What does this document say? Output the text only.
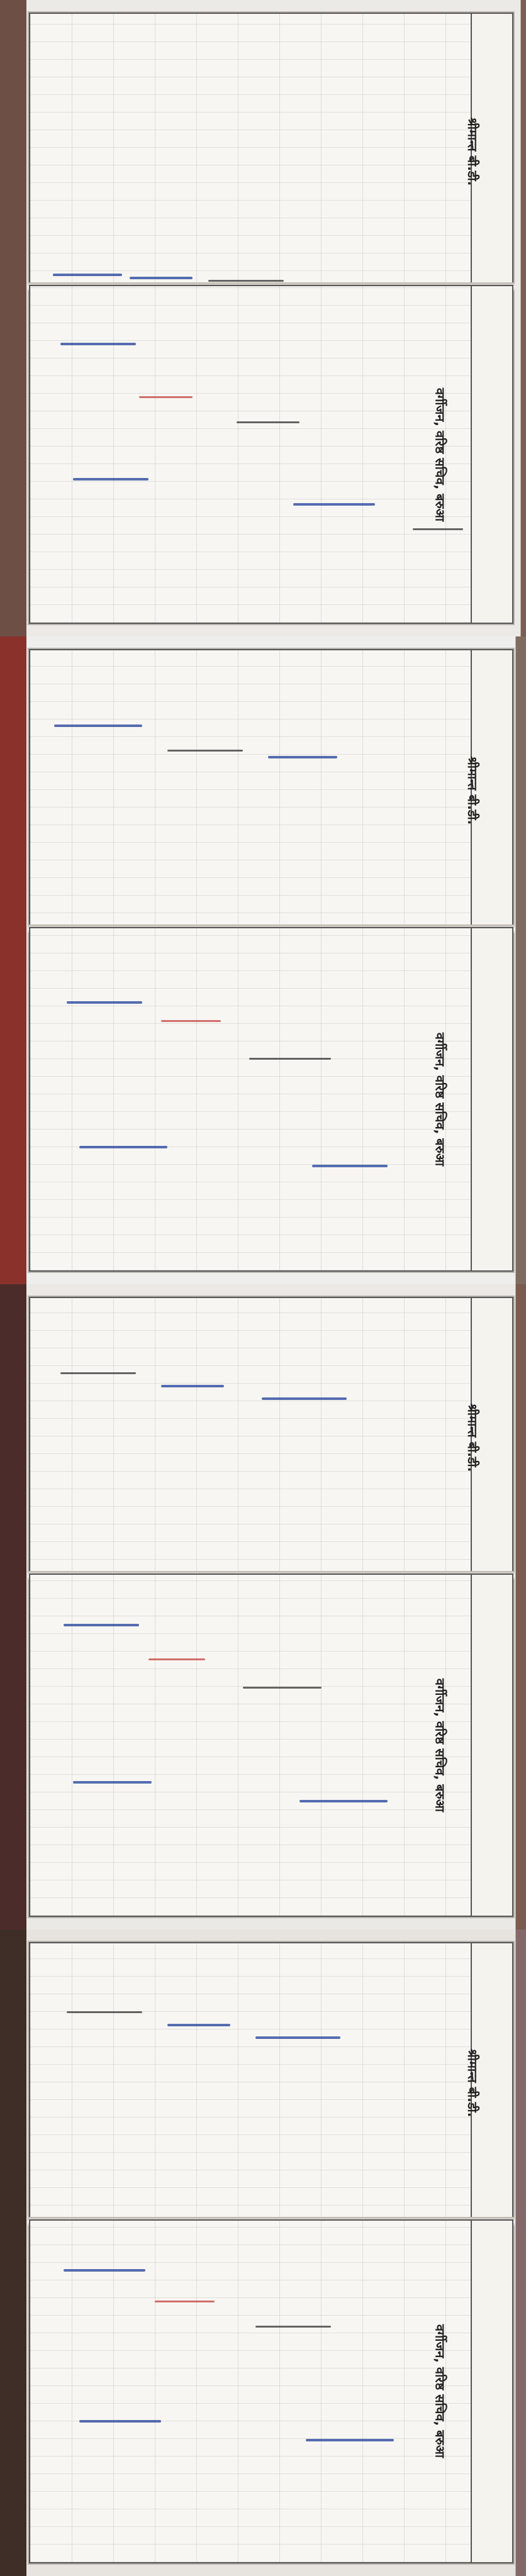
श्रीमान्त बी.डी.
वर्गीजन, वरिष्ठ सचिव, बरुआ
श्रीमान्त बी.डी.
वर्गीजन, वरिष्ठ सचिव, बरुआ
श्रीमान्त बी.डी.
वर्गीजन, वरिष्ठ सचिव, बरुआ
श्रीमान्त बी.डी.
वर्गीजन, वरिष्ठ सचिव, बरुआ
